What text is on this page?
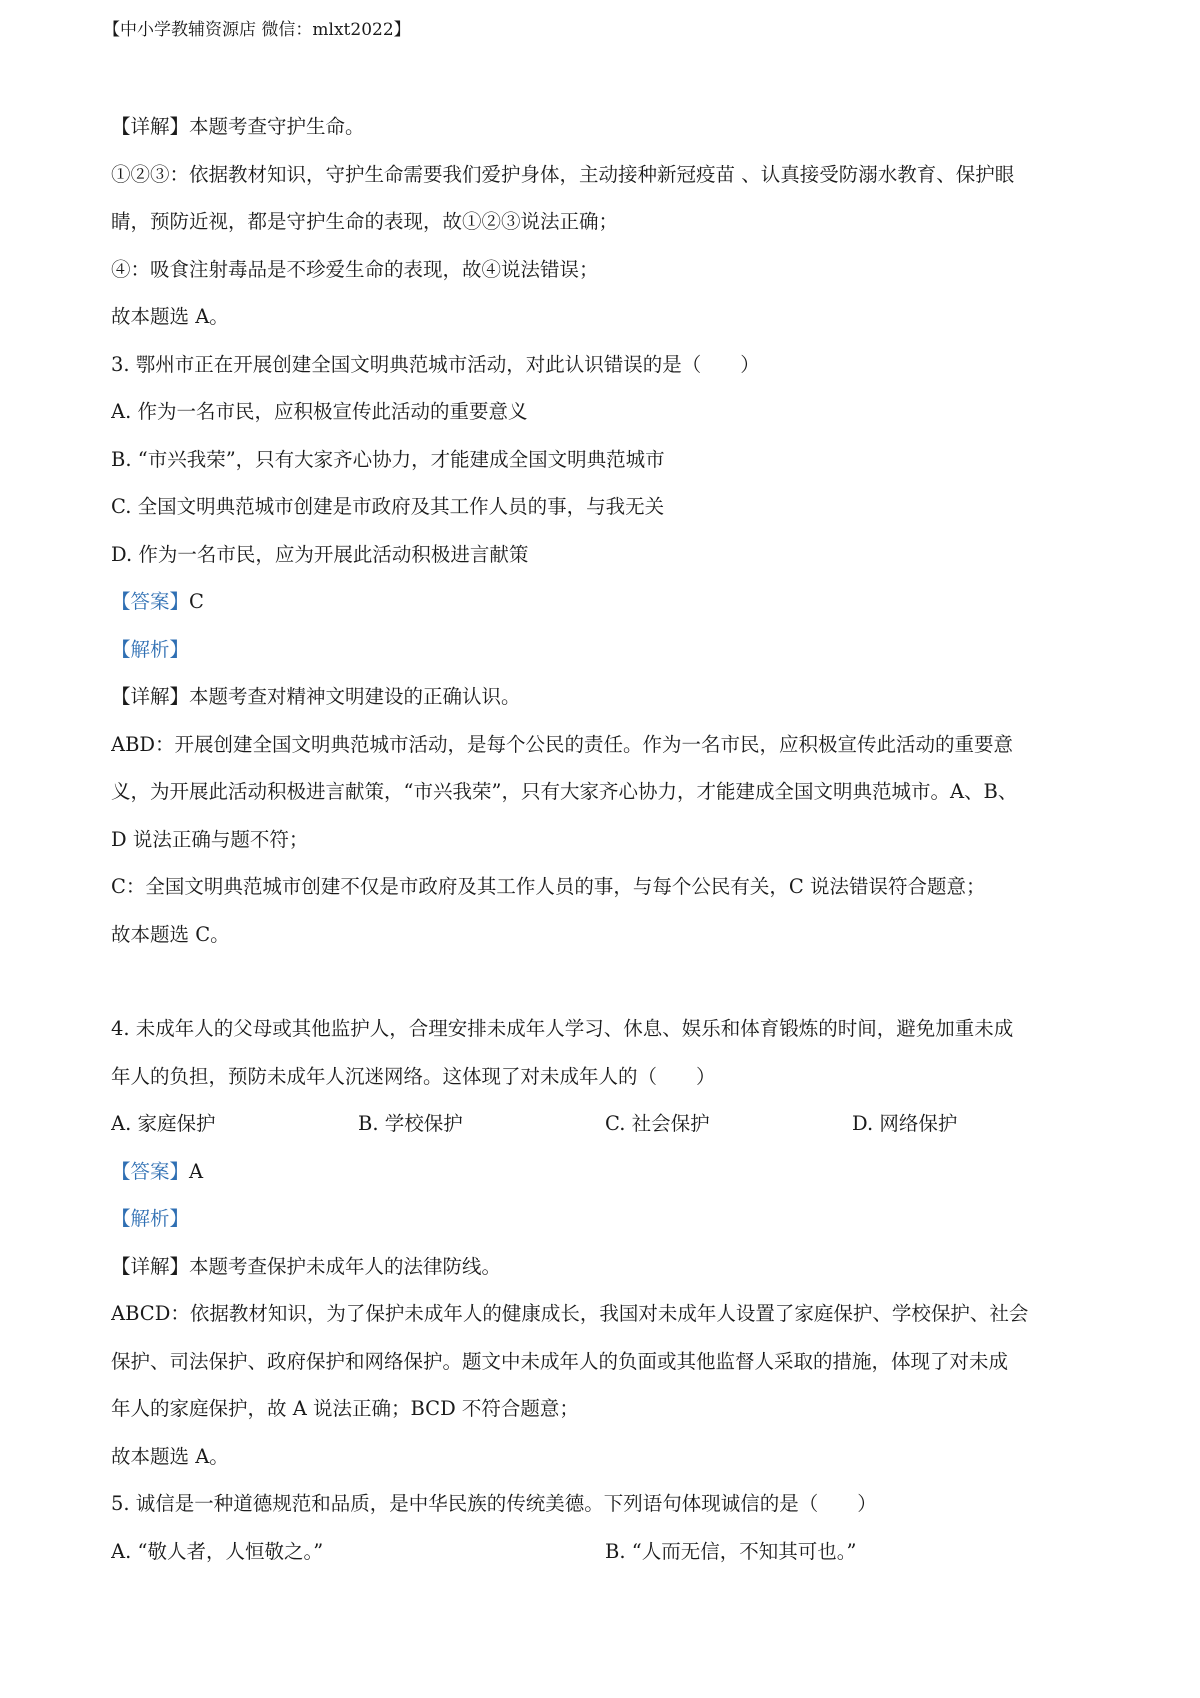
【中小学教辅资源店 微信：mlxt2022】
【详解】本题考查守护生命。
①②③：依据教材知识，守护生命需要我们爱护身体，主动接种新冠疫苗 、认真接受防溺水教育、保护眼
睛，预防近视，都是守护生命的表现，故①②③说法正确；
④：吸食注射毒品是不珍爱生命的表现，故④说法错误；
故本题选 A。
3. 鄂州市正在开展创建全国文明典范城市活动，对此认识错误的是（　　）
A. 作为一名市民，应积极宣传此活动的重要意义
B. “市兴我荣”，只有大家齐心协力，才能建成全国文明典范城市
C. 全国文明典范城市创建是市政府及其工作人员的事，与我无关
D. 作为一名市民，应为开展此活动积极进言献策
【答案】C
【解析】
【详解】本题考查对精神文明建设的正确认识。
ABD：开展创建全国文明典范城市活动，是每个公民的责任。作为一名市民，应积极宣传此活动的重要意
义，为开展此活动积极进言献策，“市兴我荣”，只有大家齐心协力，才能建成全国文明典范城市。A、B、
D 说法正确与题不符；
C：全国文明典范城市创建不仅是市政府及其工作人员的事，与每个公民有关，C 说法错误符合题意；
故本题选 C。
4. 未成年人的父母或其他监护人，合理安排未成年人学习、休息、娱乐和体育锻炼的时间，避免加重未成
年人的负担，预防未成年人沉迷网络。这体现了对未成年人的（　　）
A. 家庭保护	B. 学校保护	C. 社会保护	D. 网络保护
【答案】A
【解析】
【详解】本题考查保护未成年人的法律防线。
ABCD：依据教材知识，为了保护未成年人的健康成长，我国对未成年人设置了家庭保护、学校保护、社会
保护、司法保护、政府保护和网络保护。题文中未成年人的负面或其他监督人采取的措施，体现了对未成
年人的家庭保护，故 A 说法正确；BCD 不符合题意；
故本题选 A。
5. 诚信是一种道德规范和品质，是中华民族的传统美德。下列语句体现诚信的是（　　）
A. “敬人者，人恒敬之。”	B. “人而无信，不知其可也。”
